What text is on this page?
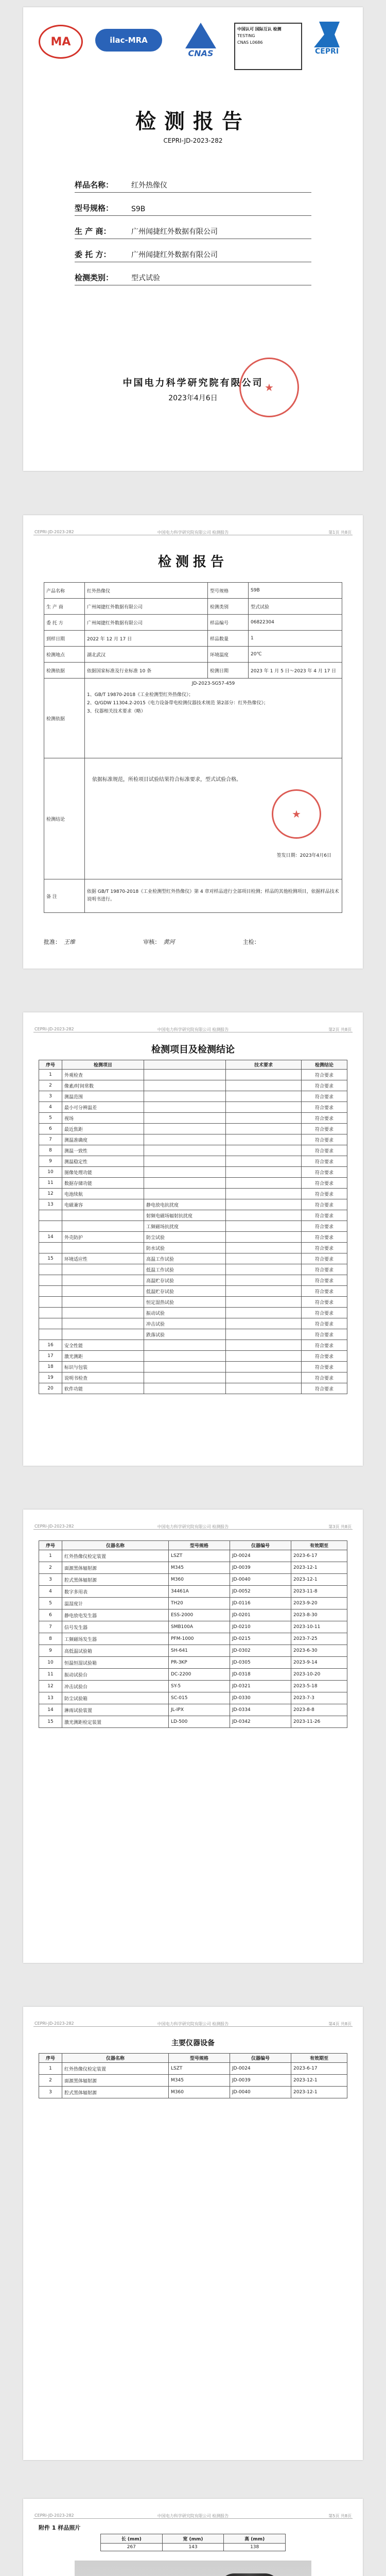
MA	ilac-MRA
CNAS
中国认可 国际互认 检测
TESTING
CNAS L0686
CEPRI
检测报告
CEPRI-JD-2023-282
样品名称：	红外热像仪
型号规格：	S9B
生 产 商：	广州闻捷红外数据有限公司
委 托 方：	广州闻捷红外数据有限公司
检测类别：	型式试验
中国电力科学研究院有限公司
2023年4月6日
★
CEPRI-JD-2023-282	中国电力科学研究院有限公司 检测报告	第1页 共8页
检测报告
产品名称	红外热像仪	型号规格	S9B
生 产 商	广州闻捷红外数据有限公司	检测类别	型式试验
委 托 方	广州闻捷红外数据有限公司	样品编号	06822304
到样日期	2022 年 12 月 17 日	样品数量	1
检测地点	湖北武汉	环境温度	20℃
检测依据	依据国家标准及行业标准 10 条	检测日期	2023 年 1 月 5 日～2023 年 4 月 17 日
检测依据	JD-2023-SG57-459
1、GB/T 19870-2018《工业检测型红外热像仪》；
2、Q/GDW 11304.2-2015《电力设备带电检测仪器技术规范 第2部分：红外热像仪》；
3、仪器相关技术要求（略）		

检测结论	依据标准规范，所检项目试验结果符合标准要求，型式试验合格。
签发日期：2023年4月6日
★		

备 注	依据 GB/T 19870-2018《工业检测型红外热像仪》第 4 章对样品进行全部项目检测；样品的其他检测项目，依据样品技术说明书进行。		
批准： 王维	审核： 黄河	主检：
CEPRI-JD-2023-282	中国电力科学研究院有限公司 检测报告	第2页 共8页
检测项目及检测结论
序号	检测项目		技术要求	检测结论
1	外观检查			符合要求
2	像素/时间常数			符合要求
3	测温范围			符合要求
4	最小可分辨温差			符合要求
5	视场			符合要求
6	最近焦距			符合要求
7	测温准确度			符合要求
8	测温一致性			符合要求
9	测温稳定性			符合要求
10	图像处理功能			符合要求
11	数据存储功能			符合要求
12	电池续航			符合要求
13	电磁兼容	静电放电抗扰度		符合要求
		射频电磁场辐射抗扰度		符合要求
		工频磁场抗扰度		符合要求
14	外壳防护	防尘试验		符合要求
		防水试验		符合要求
15	环境适应性	高温工作试验		符合要求
		低温工作试验		符合要求
		高温贮存试验		符合要求
		低温贮存试验		符合要求
		恒定湿热试验		符合要求
		振动试验		符合要求
		冲击试验		符合要求
		跌落试验		符合要求
16	安全性能			符合要求
17	激光测距			符合要求
18	标识与包装			符合要求
19	说明书检查			符合要求
20	软件功能			符合要求
CEPRI-JD-2023-282	中国电力科学研究院有限公司 检测报告	第3页 共8页
序号	仪器名称	型号规格	仪器编号	有效期至
1	红外热像仪检定装置	LSZT	JD-0024	2023-6-17
2	面源黑体辐射源	M345	JD-0039	2023-12-1
3	腔式黑体辐射源	M360	JD-0040	2023-12-1
4	数字多用表	34461A	JD-0052	2023-11-8
5	温湿度计	TH20	JD-0116	2023-9-20
6	静电放电发生器	ESS-2000	JD-0201	2023-8-30
7	信号发生器	SMB100A	JD-0210	2023-10-11
8	工频磁场发生器	PFM-1000	JD-0215	2023-7-25
9	高低温试验箱	SH-641	JD-0302	2023-6-30
10	恒温恒湿试验箱	PR-3KP	JD-0305	2023-9-14
11	振动试验台	DC-2200	JD-0318	2023-10-20
12	冲击试验台	SY-5	JD-0321	2023-5-18
13	防尘试验箱	SC-015	JD-0330	2023-7-3
14	淋雨试验装置	JL-IPX	JD-0334	2023-8-8
15	激光测距检定装置	LD-500	JD-0342	2023-11-26
CEPRI-JD-2023-282	中国电力科学研究院有限公司 检测报告	第4页 共8页
主要仪器设备
序号	仪器名称	型号规格	仪器编号	有效期至
1	红外热像仪检定装置	LSZT	JD-0024	2023-6-17
2	面源黑体辐射源	M345	JD-0039	2023-12-1
3	腔式黑体辐射源	M360	JD-0040	2023-12-1
CEPRI-JD-2023-282	中国电力科学研究院有限公司 检测报告	第5页 共8页
附件 1 样品照片
长 (mm)	宽 (mm)	高 (mm)
267	143	138
